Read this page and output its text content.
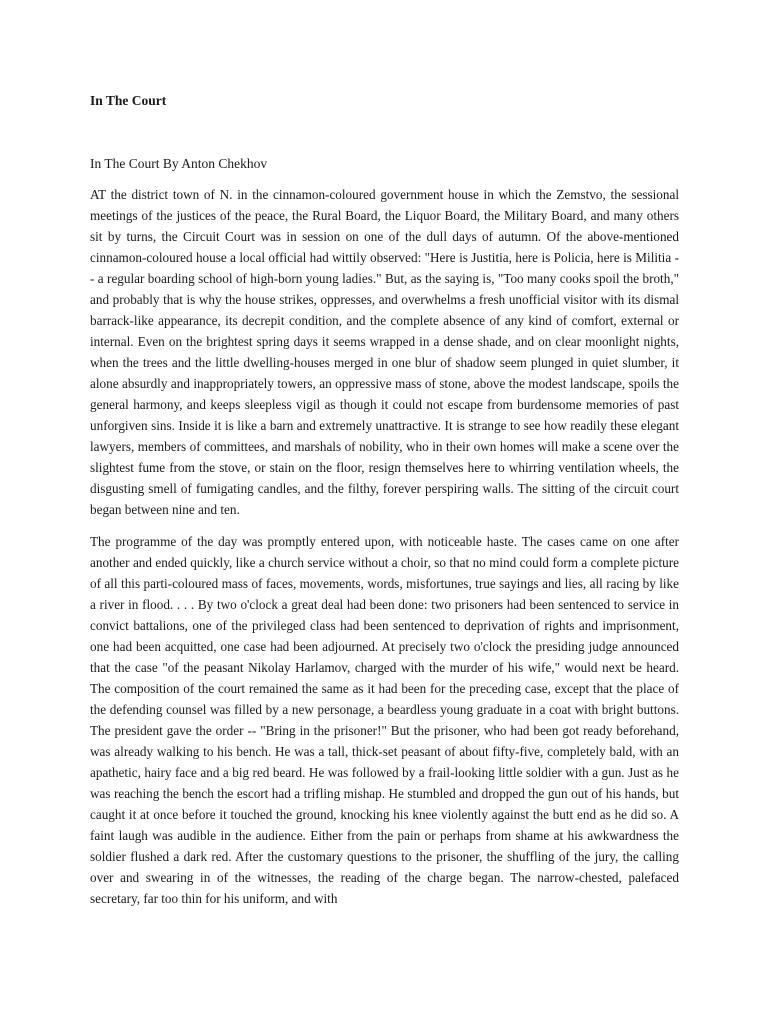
In The Court
In The Court By Anton Chekhov

AT the district town of N. in the cinnamon-coloured government house in which the Zemstvo, the sessional meetings of the justices of the peace, the Rural Board, the Liquor Board, the Military Board, and many others sit by turns, the Circuit Court was in session on one of the dull days of autumn. Of the above-mentioned cinnamon-coloured house a local official had wittily observed: "Here is Justitia, here is Policia, here is Militia -- a regular boarding school of high-born young ladies." But, as the saying is, "Too many cooks spoil the broth," and probably that is why the house strikes, oppresses, and overwhelms a fresh unofficial visitor with its dismal barrack-like appearance, its decrepit condition, and the complete absence of any kind of comfort, external or internal. Even on the brightest spring days it seems wrapped in a dense shade, and on clear moonlight nights, when the trees and the little dwelling-houses merged in one blur of shadow seem plunged in quiet slumber, it alone absurdly and inappropriately towers, an oppressive mass of stone, above the modest landscape, spoils the general harmony, and keeps sleepless vigil as though it could not escape from burdensome memories of past unforgiven sins. Inside it is like a barn and extremely unattractive. It is strange to see how readily these elegant lawyers, members of committees, and marshals of nobility, who in their own homes will make a scene over the slightest fume from the stove, or stain on the floor, resign themselves here to whirring ventilation wheels, the disgusting smell of fumigating candles, and the filthy, forever perspiring walls. The sitting of the circuit court began between nine and ten.

The programme of the day was promptly entered upon, with noticeable haste. The cases came on one after another and ended quickly, like a church service without a choir, so that no mind could form a complete picture of all this parti-coloured mass of faces, movements, words, misfortunes, true sayings and lies, all racing by like a river in flood. . . . By two o'clock a great deal had been done: two prisoners had been sentenced to service in convict battalions, one of the privileged class had been sentenced to deprivation of rights and imprisonment, one had been acquitted, one case had been adjourned. At precisely two o'clock the presiding judge announced that the case "of the peasant Nikolay Harlamov, charged with the murder of his wife," would next be heard. The composition of the court remained the same as it had been for the preceding case, except that the place of the defending counsel was filled by a new personage, a beardless young graduate in a coat with bright buttons. The president gave the order -- "Bring in the prisoner!" But the prisoner, who had been got ready beforehand, was already walking to his bench. He was a tall, thick-set peasant of about fifty-five, completely bald, with an apathetic, hairy face and a big red beard. He was followed by a frail-looking little soldier with a gun. Just as he was reaching the bench the escort had a trifling mishap. He stumbled and dropped the gun out of his hands, but caught it at once before it touched the ground, knocking his knee violently against the butt end as he did so. A faint laugh was audible in the audience. Either from the pain or perhaps from shame at his awkwardness the soldier flushed a dark red. After the customary questions to the prisoner, the shuffling of the jury, the calling over and swearing in of the witnesses, the reading of the charge began. The narrow-chested, palefaced secretary, far too thin for his uniform, and with
